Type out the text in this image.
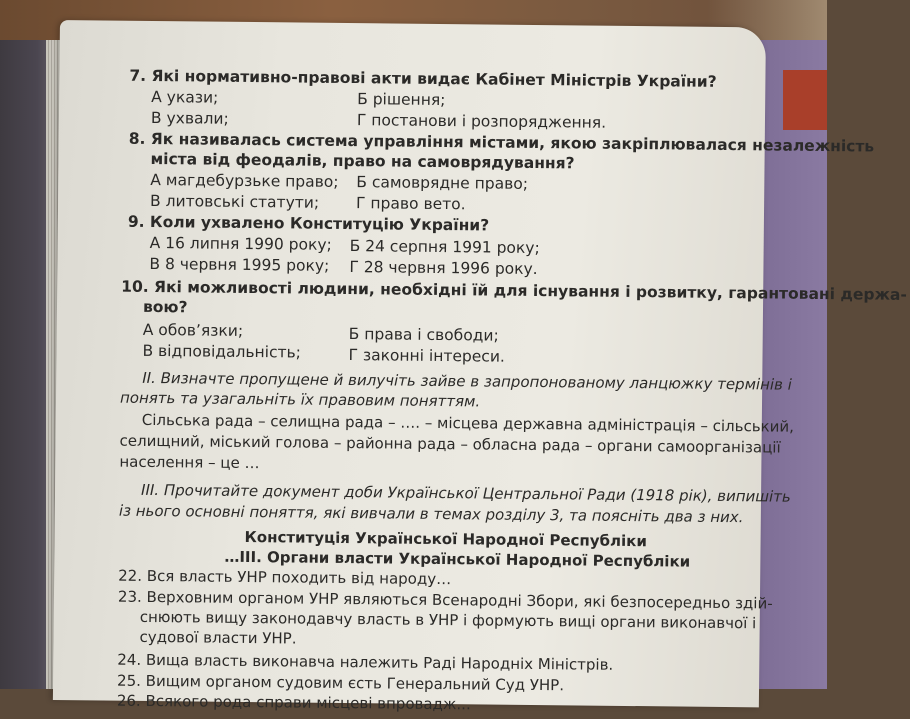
7. Які нормативно-правові акти видає Кабінет Міністрів України?
А укази;	Б рішення;
В ухвали;	Г постанови і розпорядження.
8. Як називалась система управління містами, якою закріплювалася незалежність
міста від феодалів, право на самоврядування?
А магдебурзьке право; Б самоврядне право;
В литовські статути; Г право вето.
9. Коли ухвалено Конституцію України?
А 16 липня 1990 року; Б 24 серпня 1991 року;
В 8 червня 1995 року; Г 28 червня 1996 року.
10. Які можливості людини, необхідні їй для існування і розвитку, гарантовані держа-
вою?
А обов’язки;	Б права і свободи;
В відповідальність;	Г законні інтереси.
II. Визначте пропущене й вилучіть зайве в запропонованому ланцюжку термінів і
понять та узагальніть їх правовим поняттям.
Сільська рада – селищна рада – …. – місцева державна адміністрація – сільський,
селищний, міський голова – районна рада – обласна рада – органи самоорганізації
населення – це …
III. Прочитайте документ доби Української Центральної Ради (1918 рік), випишіть
із нього основні поняття, які вивчали в темах розділу 3, та поясніть два з них.
Конституція Української Народної Республіки
…III. Органи власти Української Народної Республіки
22. Вся власть УНР походить від народу…
23. Верховним органом УНР являються Всенародні Збори, які безпосередньо здій-
снюють вищу законодавчу власть в УНР і формують вищі органи виконавчої і
судової власти УНР.
24. Вища власть виконавча належить Раді Народніх Міністрів.
25. Вищим органом судовим єсть Генеральний Суд УНР.
26. Всякого рода справи місцеві впровадж...
